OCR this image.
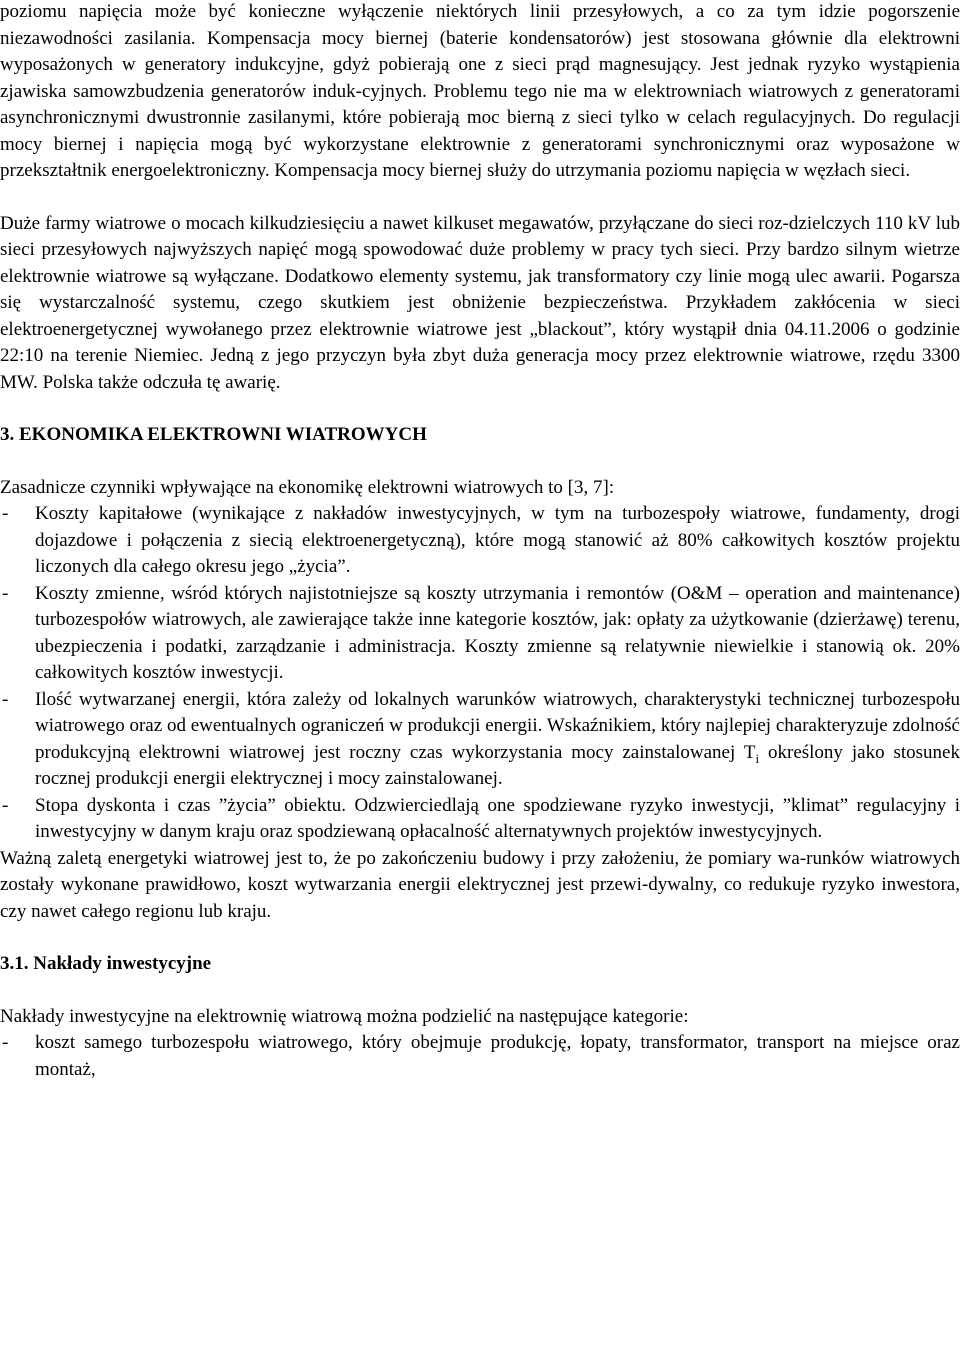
poziomu napięcia może być konieczne wyłączenie niektórych linii przesyłowych, a co za tym idzie pogorszenie niezawodności zasilania. Kompensacja mocy biernej (baterie kondensatorów) jest stosowana głównie dla elektrowni wyposażonych w generatory indukcyjne, gdyż pobierają one z sieci prąd magnesujący. Jest jednak ryzyko wystąpienia zjawiska samowzbudzenia generatorów induk-cyjnych. Problemu tego nie ma w elektrowniach wiatrowych z generatorami asynchronicznymi dwustronnie zasilanymi, które pobierają moc bierną z sieci tylko w celach regulacyjnych. Do regulacji mocy biernej i napięcia mogą być wykorzystane elektrownie z generatorami synchronicznymi oraz wyposażone w przekształtnik energoelektroniczny. Kompensacja mocy biernej służy do utrzymania poziomu napięcia w węzłach sieci.

Duże farmy wiatrowe o mocach kilkudziesięciu a nawet kilkuset megawatów, przyłączane do sieci roz-dzielczych 110 kV lub sieci przesyłowych najwyższych napięć mogą spowodować duże problemy w pracy tych sieci. Przy bardzo silnym wietrze elektrownie wiatrowe są wyłączane. Dodatkowo elementy systemu, jak transformatory czy linie mogą ulec awarii. Pogarsza się wystarczalność systemu, czego skutkiem jest obniżenie bezpieczeństwa. Przykładem zakłócenia w sieci elektroenergetycznej wywołanego przez elektrownie wiatrowe jest „blackout”, który wystąpił dnia 04.11.2006 o godzinie 22:10 na terenie Niemiec. Jedną z jego przyczyn była zbyt duża generacja mocy przez elektrownie wiatrowe, rzędu 3300 MW. Polska także odczuła tę awarię.

3. EKONOMIKA ELEKTROWNI WIATROWYCH

Zasadnicze czynniki wpływające na ekonomikę elektrowni wiatrowych to [3, 7]:

- Koszty kapitałowe (wynikające z nakładów inwestycyjnych, w tym na turbozespoły wiatrowe, fundamenty, drogi dojazdowe i połączenia z siecią elektroenergetyczną), które mogą stanowić aż 80% całkowitych kosztów projektu liczonych dla całego okresu jego „życia”.
- Koszty zmienne, wśród których najistotniejsze są koszty utrzymania i remontów (O&M – operation and maintenance) turbozespołów wiatrowych, ale zawierające także inne kategorie kosztów, jak: opłaty za użytkowanie (dzierżawę) terenu, ubezpieczenia i podatki, zarządzanie i administracja. Koszty zmienne są relatywnie niewielkie i stanowią ok. 20% całkowitych kosztów inwestycji.
- Ilość wytwarzanej energii, która zależy od lokalnych warunków wiatrowych, charakterystyki technicznej turbozespołu wiatrowego oraz od ewentualnych ograniczeń w produkcji energii. Wskaźnikiem, który najlepiej charakteryzuje zdolność produkcyjną elektrowni wiatrowej jest roczny czas wykorzystania mocy zainstalowanej $T_i$ określony jako stosunek rocznej produkcji energii elektrycznej i mocy zainstalowanej.
- Stopa dyskonta i czas ”życia” obiektu. Odzwierciedlają one spodziewane ryzyko inwestycji, ”klimat” regulacyjny i inwestycyjny w danym kraju oraz spodziewaną opłacalność alternatywnych projektów inwestycyjnych.

Ważną zaletą energetyki wiatrowej jest to, że po zakończeniu budowy i przy założeniu, że pomiary wa-runków wiatrowych zostały wykonane prawidłowo, koszt wytwarzania energii elektrycznej jest przewi-dywalny, co redukuje ryzyko inwestora, czy nawet całego regionu lub kraju.

3.1. Nakłady inwestycyjne

Nakłady inwestycyjne na elektrownię wiatrową można podzielić na następujące kategorie:

- koszt samego turbozespołu wiatrowego, który obejmuje produkcję, łopaty, transformator, transport na miejsce oraz montaż,
